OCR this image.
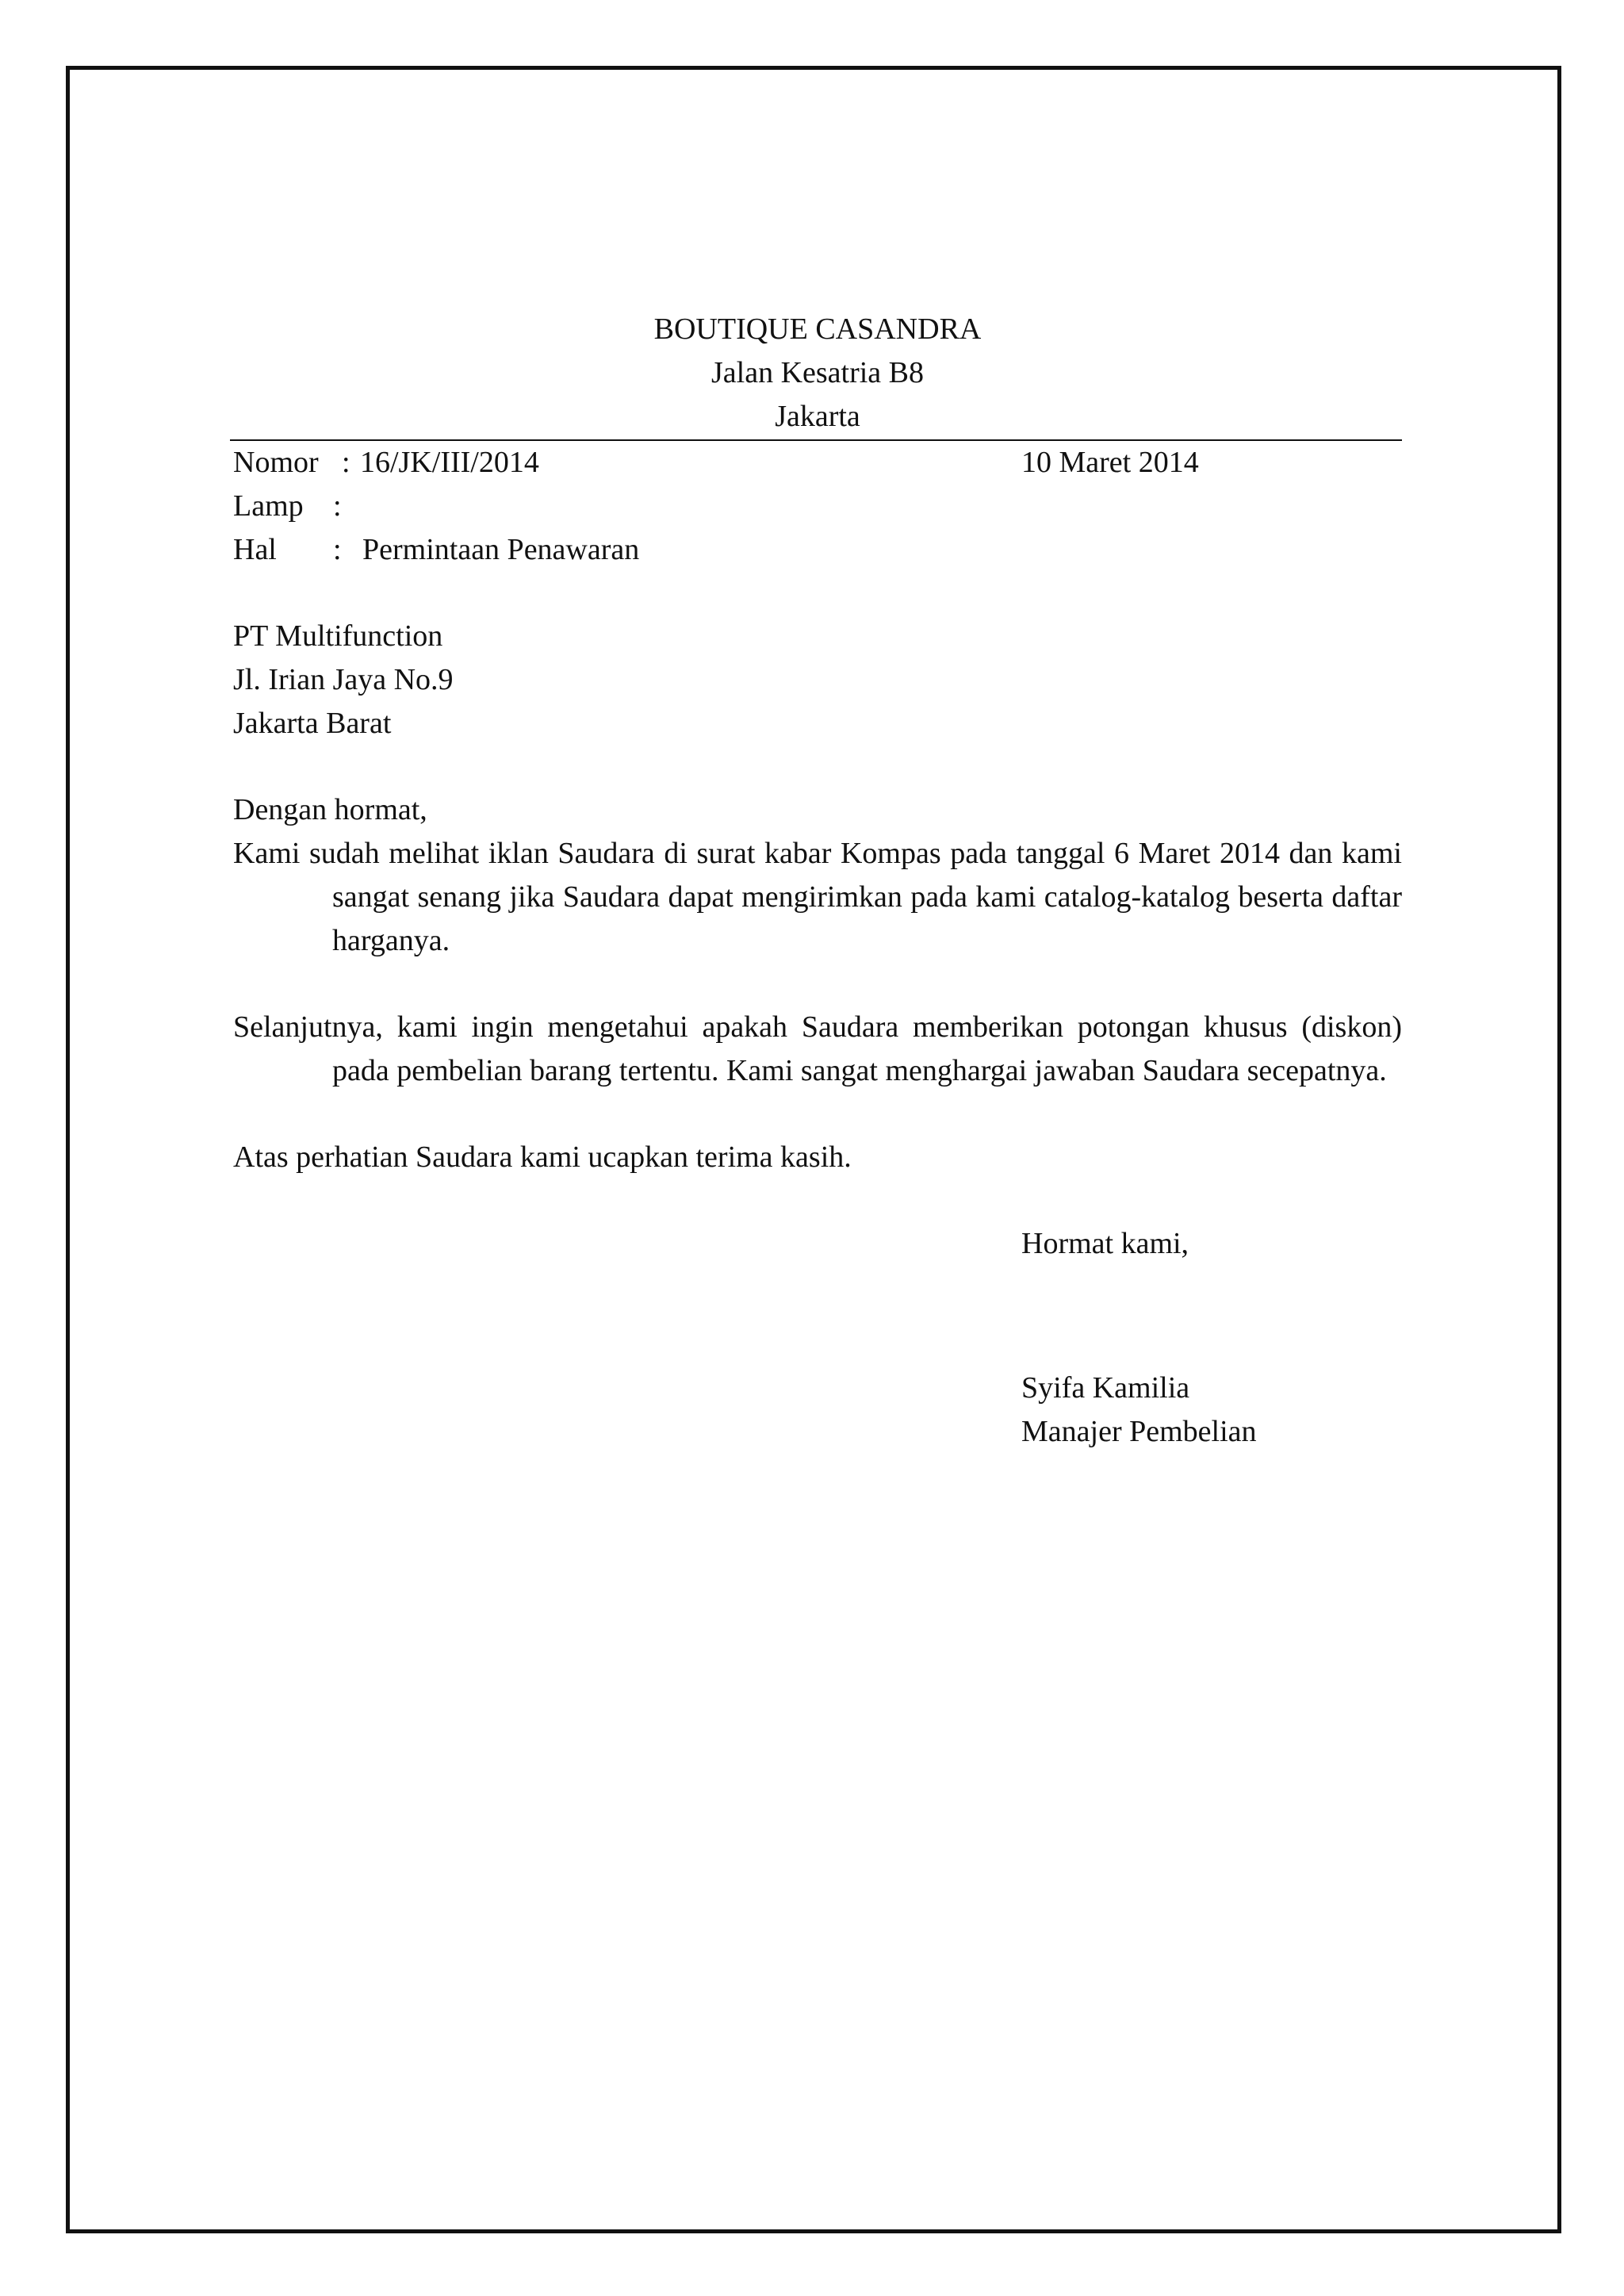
BOUTIQUE CASANDRA
Jalan Kesatria B8
Jakarta
Nomor : 16/JK/III/2014	10 Maret 2014
Lamp :
Hal : Permintaan Penawaran
PT Multifunction
Jl. Irian Jaya No.9
Jakarta Barat
Dengan hormat,

Kami sudah melihat iklan Saudara di surat kabar Kompas pada tanggal 6 Maret 2014 dan kami sangat senang jika Saudara dapat mengirimkan pada kami catalog-katalog beserta daftar harganya.

Selanjutnya, kami ingin mengetahui apakah Saudara memberikan potongan khusus (diskon) pada pembelian barang tertentu. Kami sangat menghargai jawaban Saudara secepatnya.

Atas perhatian Saudara kami ucapkan terima kasih.
Hormat kami,
Syifa Kamilia
Manajer Pembelian
